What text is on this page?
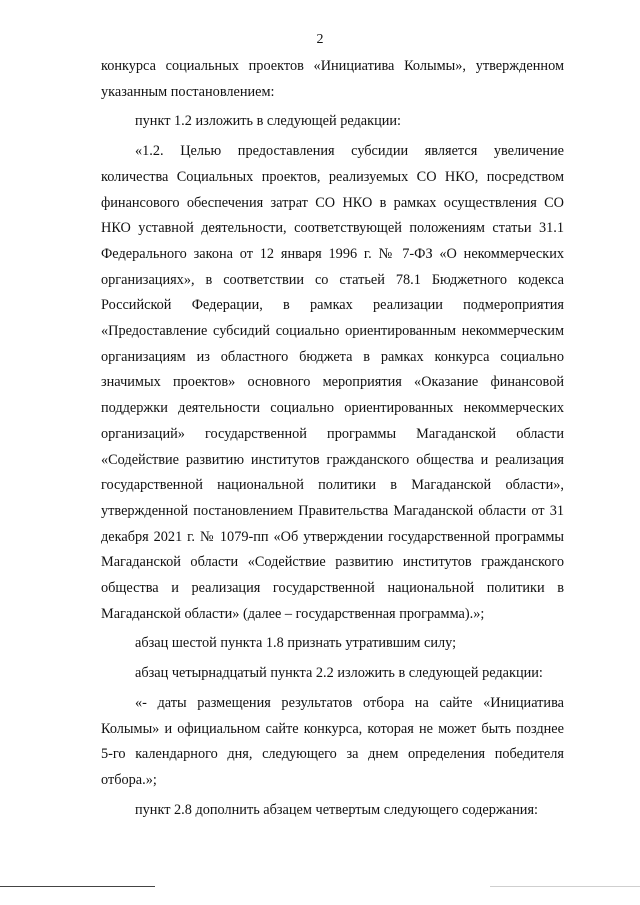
2

конкурса социальных проектов «Инициатива Колымы», утвержденном указанным постановлением:

пункт 1.2 изложить в следующей редакции:

«1.2. Целью предоставления субсидии является увеличение количества Социальных проектов, реализуемых СО НКО, посредством финансового обеспечения затрат СО НКО в рамках осуществления СО НКО уставной деятельности, соответствующей положениям статьи 31.1 Федерального закона от 12 января 1996 г. № 7-ФЗ «О некоммерческих организациях», в соответствии со статьей 78.1 Бюджетного кодекса Российской Федерации, в рамках реализации подмероприятия «Предоставление субсидий социально ориентированным некоммерческим организациям из областного бюджета в рамках конкурса социально значимых проектов» основного мероприятия «Оказание финансовой поддержки деятельности социально ориентированных некоммерческих организаций» государственной программы Магаданской области «Содействие развитию институтов гражданского общества и реализация государственной национальной политики в Магаданской области», утвержденной постановлением Правительства Магаданской области от 31 декабря 2021 г. № 1079-пп «Об утверждении государственной программы Магаданской области «Содействие развитию институтов гражданского общества и реализация государственной национальной политики в Магаданской области» (далее – государственная программа).»;

абзац шестой пункта 1.8 признать утратившим силу;

абзац четырнадцатый пункта 2.2 изложить в следующей редакции:

«- даты размещения результатов отбора на сайте «Инициатива Колымы» и официальном сайте конкурса, которая не может быть позднее 5-го календарного дня, следующего за днем определения победителя отбора.»;

пункт 2.8 дополнить абзацем четвертым следующего содержания:
